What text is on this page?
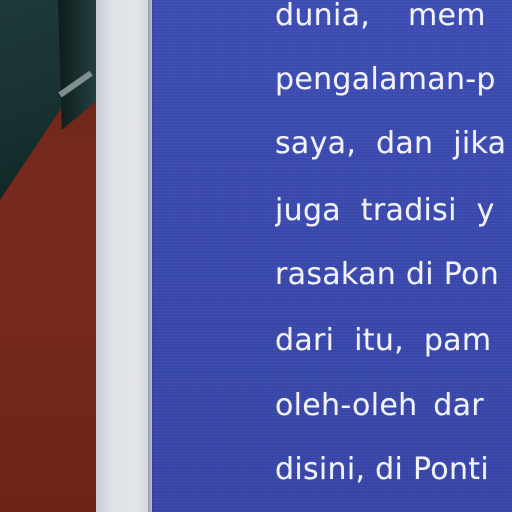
dunia, mem
pengalaman-p
saya, dan jika
juga tradisi y
rasakan di Pon
dari itu, pam
oleh-oleh dar
disini, di Ponti
